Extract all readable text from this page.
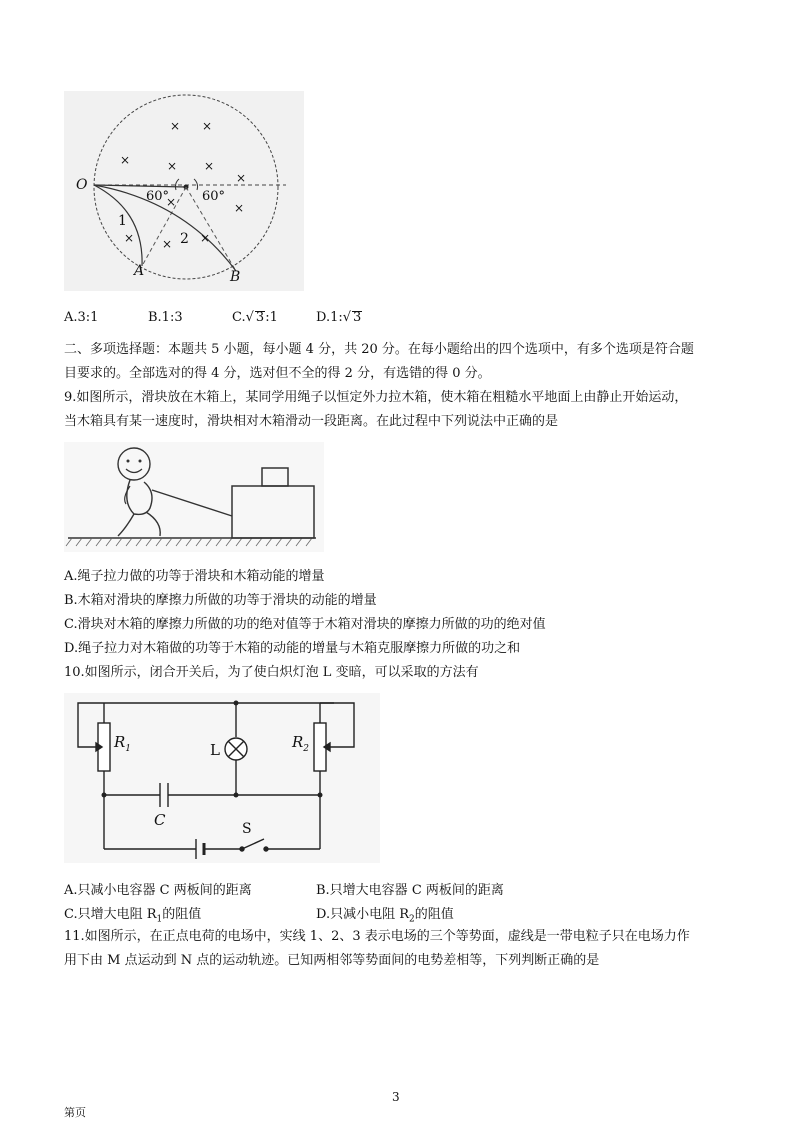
× ×
×	× ×
×
×	×
× × ×
O
A	B
1
2
60°	60°
A.3:1	B.1:3	C.√ 3:1	D.1:√ 3
二、多项选择题：本题共 5 小题，每小题 4 分，共 20 分。在每小题给出的四个选项中，有多个选项是符合题
目要求的。全部选对的得 4 分，选对但不全的得 2 分，有选错的得 0 分。
9.如图所示，滑块放在木箱上，某同学用绳子以恒定外力拉木箱，使木箱在粗糙水平地面上由静止开始运动，
当木箱具有某一速度时，滑块相对木箱滑动一段距离。在此过程中下列说法中正确的是
A.绳子拉力做的功等于滑块和木箱动能的增量
B.木箱对滑块的摩擦力所做的功等于滑块的动能的增量
C.滑块对木箱的摩擦力所做的功的绝对值等于木箱对滑块的摩擦力所做的功的绝对值
D.绳子拉力对木箱做的功等于木箱的动能的增量与木箱克服摩擦力所做的功之和
10.如图所示，闭合开关后，为了使白炽灯泡 L 变暗，可以采取的方法有
$R_1$	L	$R_2$
C	S
A.只减小电容器 C 两板间的距离	B.只增大电容器 C 两板间的距离
C.只增大电阻 $R_1$的阻值	D.只减小电阻 $R_2$的阻值
11.如图所示，在正点电荷的电场中，实线 1、2、3 表示电场的三个等势面，虚线是一带电粒子只在电场力作
用下由 M 点运动到 N 点的运动轨迹。已知两相邻等势面间的电势差相等，下列判断正确的是
3
第页
